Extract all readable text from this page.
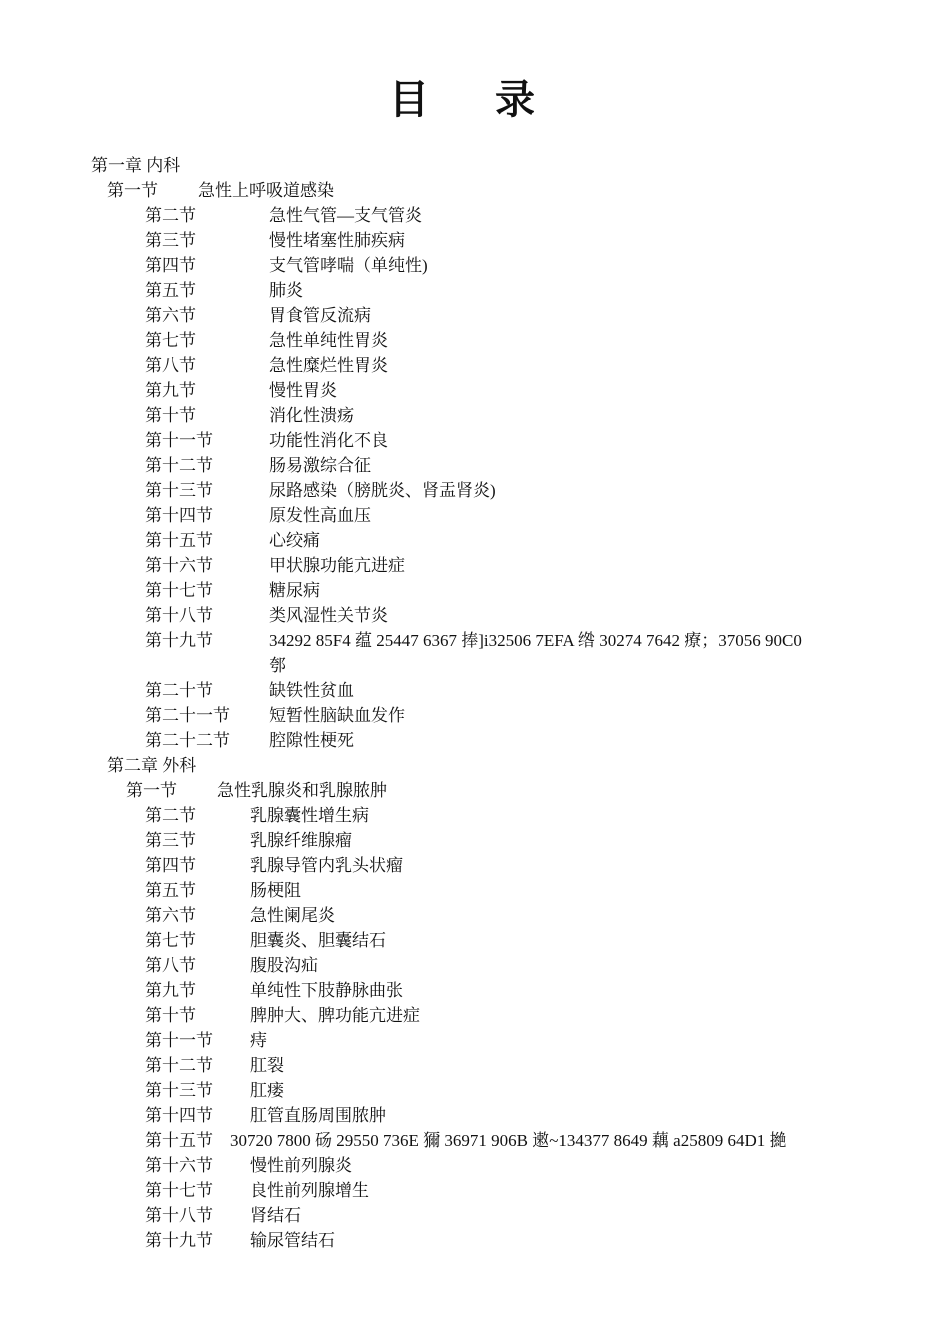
目 录
第一章 内科
第一节 急性上呼吸道感染
第二节	急性气管—支气管炎
第三节	慢性堵塞性肺疾病
第四节	支气管哮喘（单纯性)
第五节	肺炎
第六节	胃食管反流病
第七节	急性单纯性胃炎
第八节	急性糜烂性胃炎
第九节	慢性胃炎
第十节	消化性溃疡
第十一节	功能性消化不良
第十二节	肠易激综合征
第十三节	尿路感染（膀胱炎、肾盂肾炎)
第十四节	原发性高血压
第十五节	心绞痛
第十六节	甲状腺功能亢进症
第十七节	糖尿病
第十八节	类风湿性关节炎
第十九节	34292 85F4 蕴 25447 6367 捧]i32506 7EFA 绺 30274 7642 療；37056 90C0
郀
第二十节	缺铁性贫血
第二十一节 短暂性脑缺血发作
第二十二节 腔隙性梗死
第二章 外科
第一节 急性乳腺炎和乳腺脓肿
第二节	乳腺囊性增生病
第三节	乳腺纤维腺瘤
第四节	乳腺导管内乳头状瘤
第五节	肠梗阻
第六节	急性阑尾炎
第七节	胆囊炎、胆囊结石
第八节	腹股沟疝
第九节	单纯性下肢静脉曲张
第十节	脾肿大、脾功能亢进症
第十一节 痔
第十二节 肛裂
第十三节 肛瘘
第十四节 肛管直肠周围脓肿
第十五节 30720 7800 砀 29550 736E 獮 36971 906B 遫~134377 8649 藕 a25809 64D1 撧
第十六节 慢性前列腺炎
第十七节 良性前列腺增生
第十八节 肾结石
第十九节 输尿管结石
